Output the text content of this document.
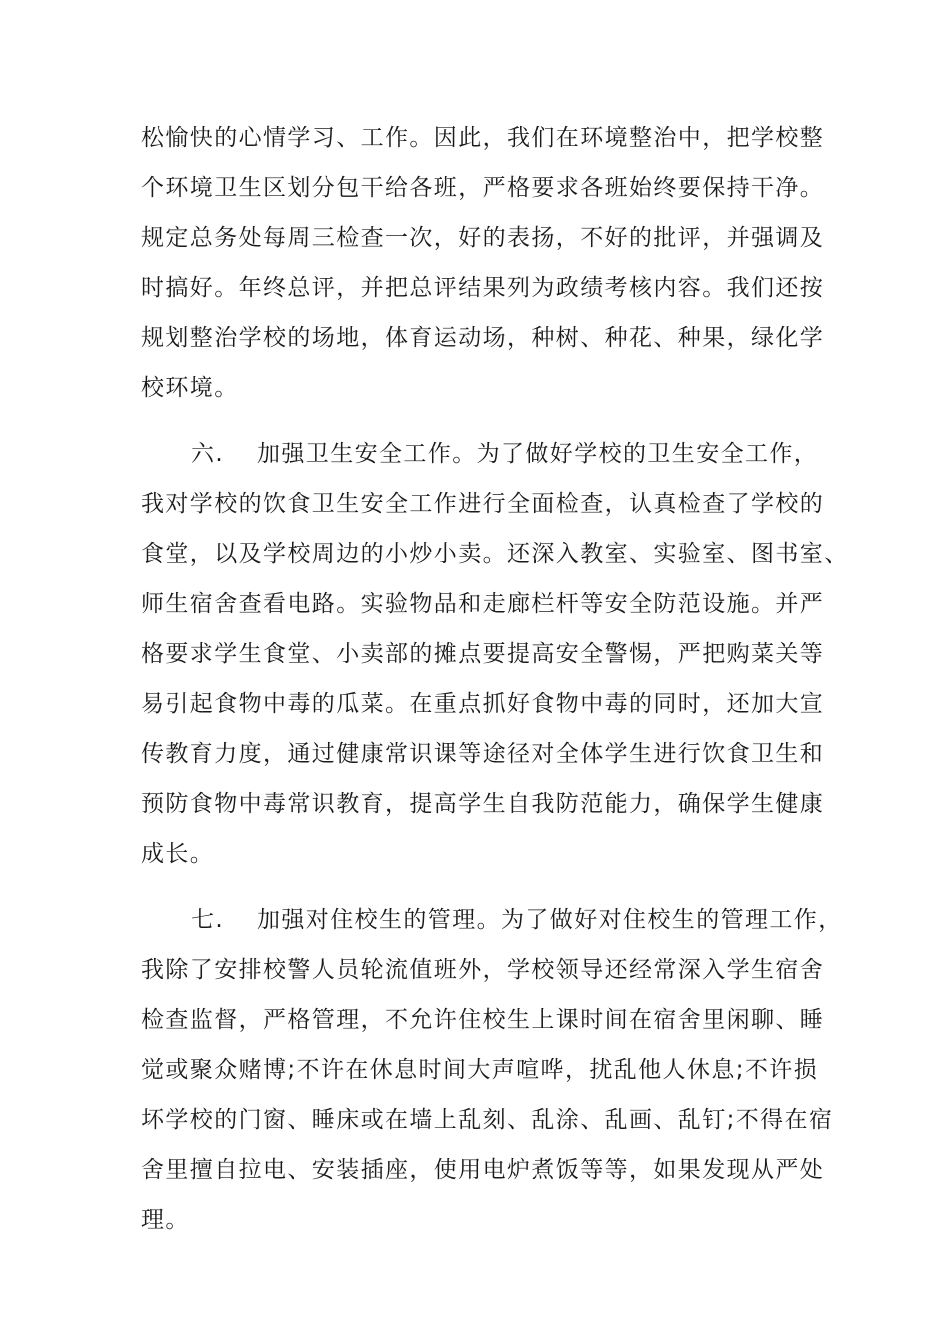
松愉快的心情学习、工作。因此，我们在环境整治中，把学校整
个环境卫生区划分包干给各班，严格要求各班始终要保持干净。
规定总务处每周三检查一次，好的表扬，不好的批评，并强调及
时搞好。年终总评，并把总评结果列为政绩考核内容。我们还按
规划整治学校的场地，体育运动场，种树、种花、种果，绿化学
校环境。
六. 加强卫生安全工作。为了做好学校的卫生安全工作，
我对学校的饮食卫生安全工作进行全面检查，认真检查了学校的
食堂，以及学校周边的小炒小卖。还深入教室、实验室、图书室、
师生宿舍查看电路。实验物品和走廊栏杆等安全防范设施。并严
格要求学生食堂、小卖部的摊点要提高安全警惕，严把购菜关等
易引起食物中毒的瓜菜。在重点抓好食物中毒的同时，还加大宣
传教育力度，通过健康常识课等途径对全体学生进行饮食卫生和
预防食物中毒常识教育，提高学生自我防范能力，确保学生健康
成长。
七. 加强对住校生的管理。为了做好对住校生的管理工作，
我除了安排校警人员轮流值班外，学校领导还经常深入学生宿舍
检查监督，严格管理，不允许住校生上课时间在宿舍里闲聊、睡
觉或聚众赌博;不许在休息时间大声喧哗，扰乱他人休息;不许损
坏学校的门窗、睡床或在墙上乱刻、乱涂、乱画、乱钉;不得在宿
舍里擅自拉电、安装插座，使用电炉煮饭等等，如果发现从严处
理。
